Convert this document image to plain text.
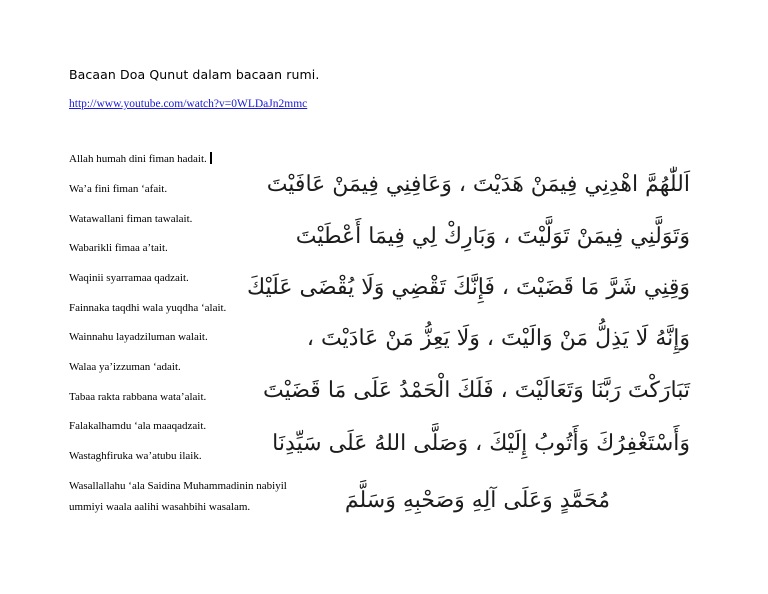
Bacaan Doa Qunut dalam bacaan rumi.
http://www.youtube.com/watch?v=0WLDaJn2mmc
Allah humah dini fiman hadait.
Wa’a fini fiman ‘afait.
Watawallani fiman tawalait.
Wabarikli fimaa a’tait.
Waqinii syarramaa qadzait.
Fainnaka taqdhi wala yuqdha ‘alait.
Wainnahu layadziluman walait.
Walaa ya’izzuman ‘adait.
Tabaa rakta rabbana wata’alait.
Falakalhamdu ‘ala maaqadzait.
Wastaghfiruka wa’atubu ilaik.
Wasallallahu ‘ala Saidina Muhammadinin nabiyil
ummiyi waala aalihi wasahbihi wasalam.
اَللّٰهُمَّ اهْدِنِي فِيمَنْ هَدَيْتَ ، وَعَافِنِي فِيمَنْ عَافَيْتَ
وَتَوَلَّنِي فِيمَنْ تَوَلَّيْتَ ، وَبَارِكْ لِي فِيمَا أَعْطَيْتَ
وَقِنِي شَرَّ مَا قَضَيْتَ ، فَإِنَّكَ تَقْضِي وَلَا يُقْضَى عَلَيْكَ
وَإِنَّهُ لَا يَذِلُّ مَنْ وَالَيْتَ ، وَلَا يَعِزُّ مَنْ عَادَيْتَ ،
تَبَارَكْتَ رَبَّنَا وَتَعَالَيْتَ ، فَلَكَ الْحَمْدُ عَلَى مَا قَضَيْتَ
وَأَسْتَغْفِرُكَ وَأَتُوبُ إِلَيْكَ ، وَصَلَّى اللهُ عَلَى سَيِّدِنَا
مُحَمَّدٍ وَعَلَى آلِهِ وَصَحْبِهِ وَسَلَّمَ
